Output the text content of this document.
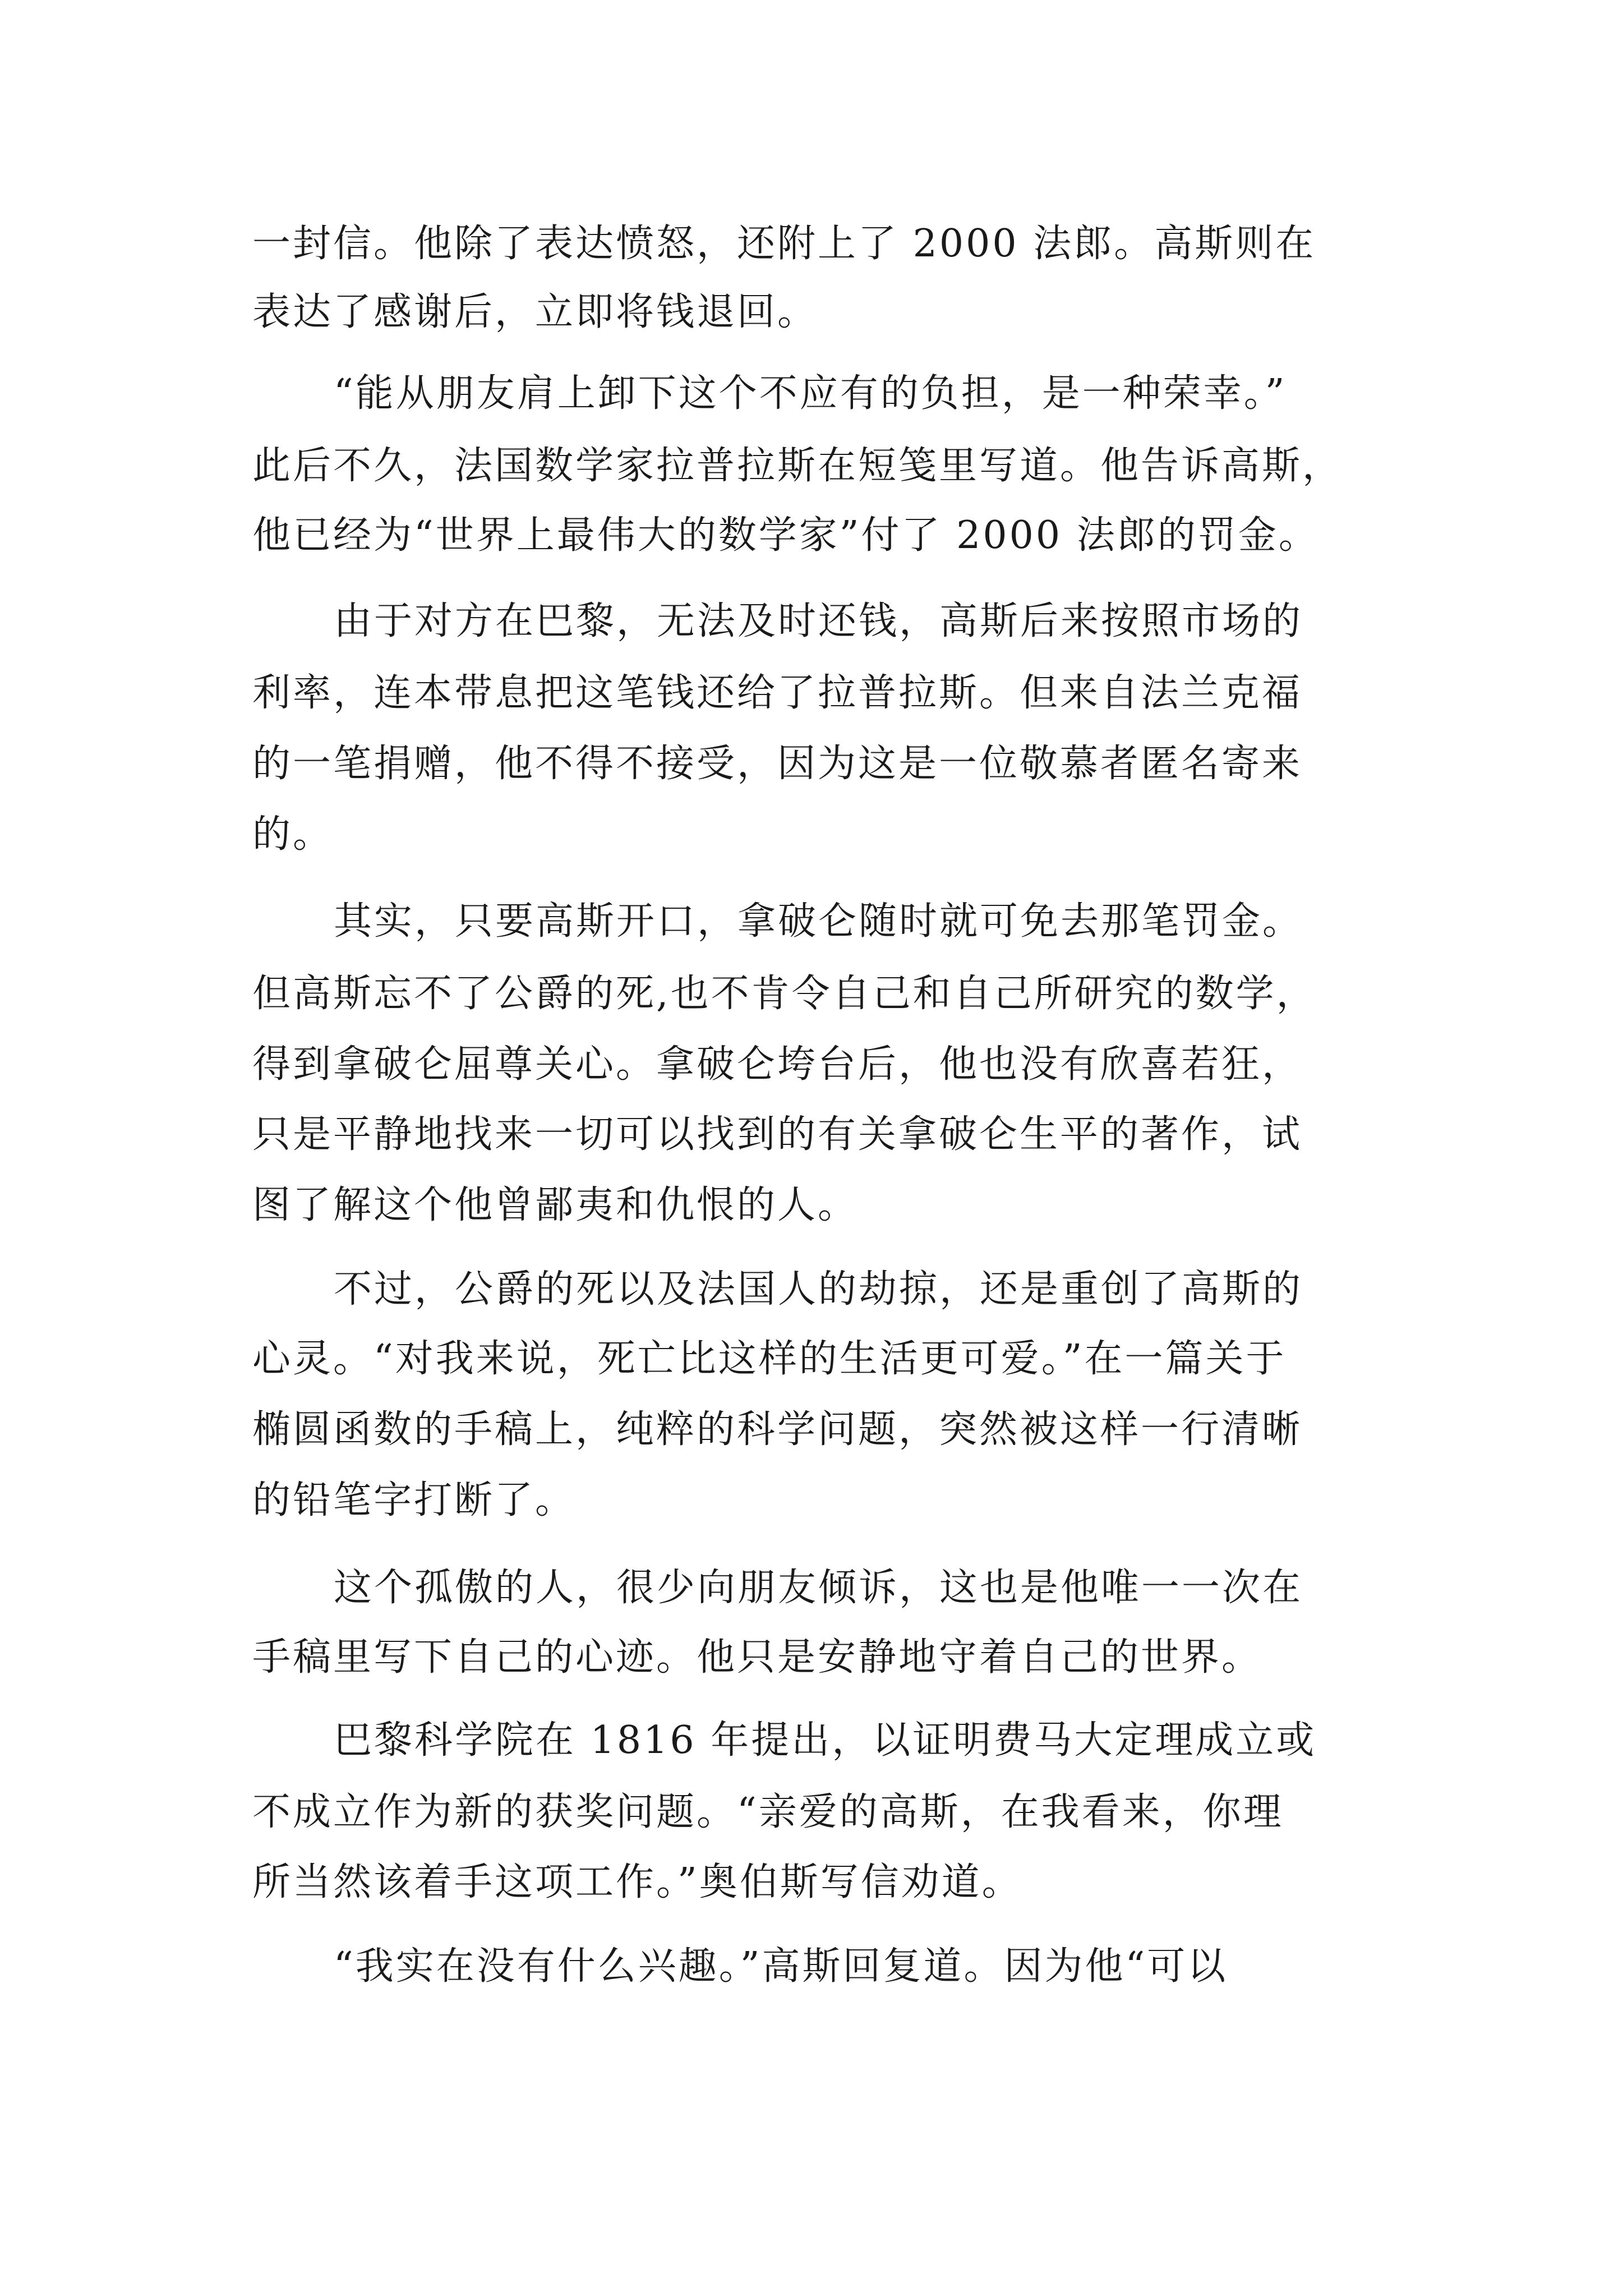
一封信。他除了表达愤怒，还附上了 2000 法郎。高斯则在
表达了感谢后，立即将钱退回。
“能从朋友肩上卸下这个不应有的负担，是一种荣幸。”
此后不久，法国数学家拉普拉斯在短笺里写道。他告诉高斯，
他已经为“世界上最伟大的数学家”付了 2000 法郎的罚金。
由于对方在巴黎，无法及时还钱，高斯后来按照市场的
利率，连本带息把这笔钱还给了拉普拉斯。但来自法兰克福
的一笔捐赠，他不得不接受，因为这是一位敬慕者匿名寄来
的。
其实，只要高斯开口，拿破仑随时就可免去那笔罚金。
但高斯忘不了公爵的死,也不肯令自己和自己所研究的数学，
得到拿破仑屈尊关心。拿破仑垮台后，他也没有欣喜若狂，
只是平静地找来一切可以找到的有关拿破仑生平的著作，试
图了解这个他曾鄙夷和仇恨的人。
不过，公爵的死以及法国人的劫掠，还是重创了高斯的
心灵。“对我来说，死亡比这样的生活更可爱。”在一篇关于
椭圆函数的手稿上，纯粹的科学问题，突然被这样一行清晰
的铅笔字打断了。
这个孤傲的人，很少向朋友倾诉，这也是他唯一一次在
手稿里写下自己的心迹。他只是安静地守着自己的世界。
巴黎科学院在 1816 年提出，以证明费马大定理成立或
不成立作为新的获奖问题。“亲爱的高斯，在我看来，你理
所当然该着手这项工作。”奥伯斯写信劝道。
“我实在没有什么兴趣。”高斯回复道。因为他“可以
